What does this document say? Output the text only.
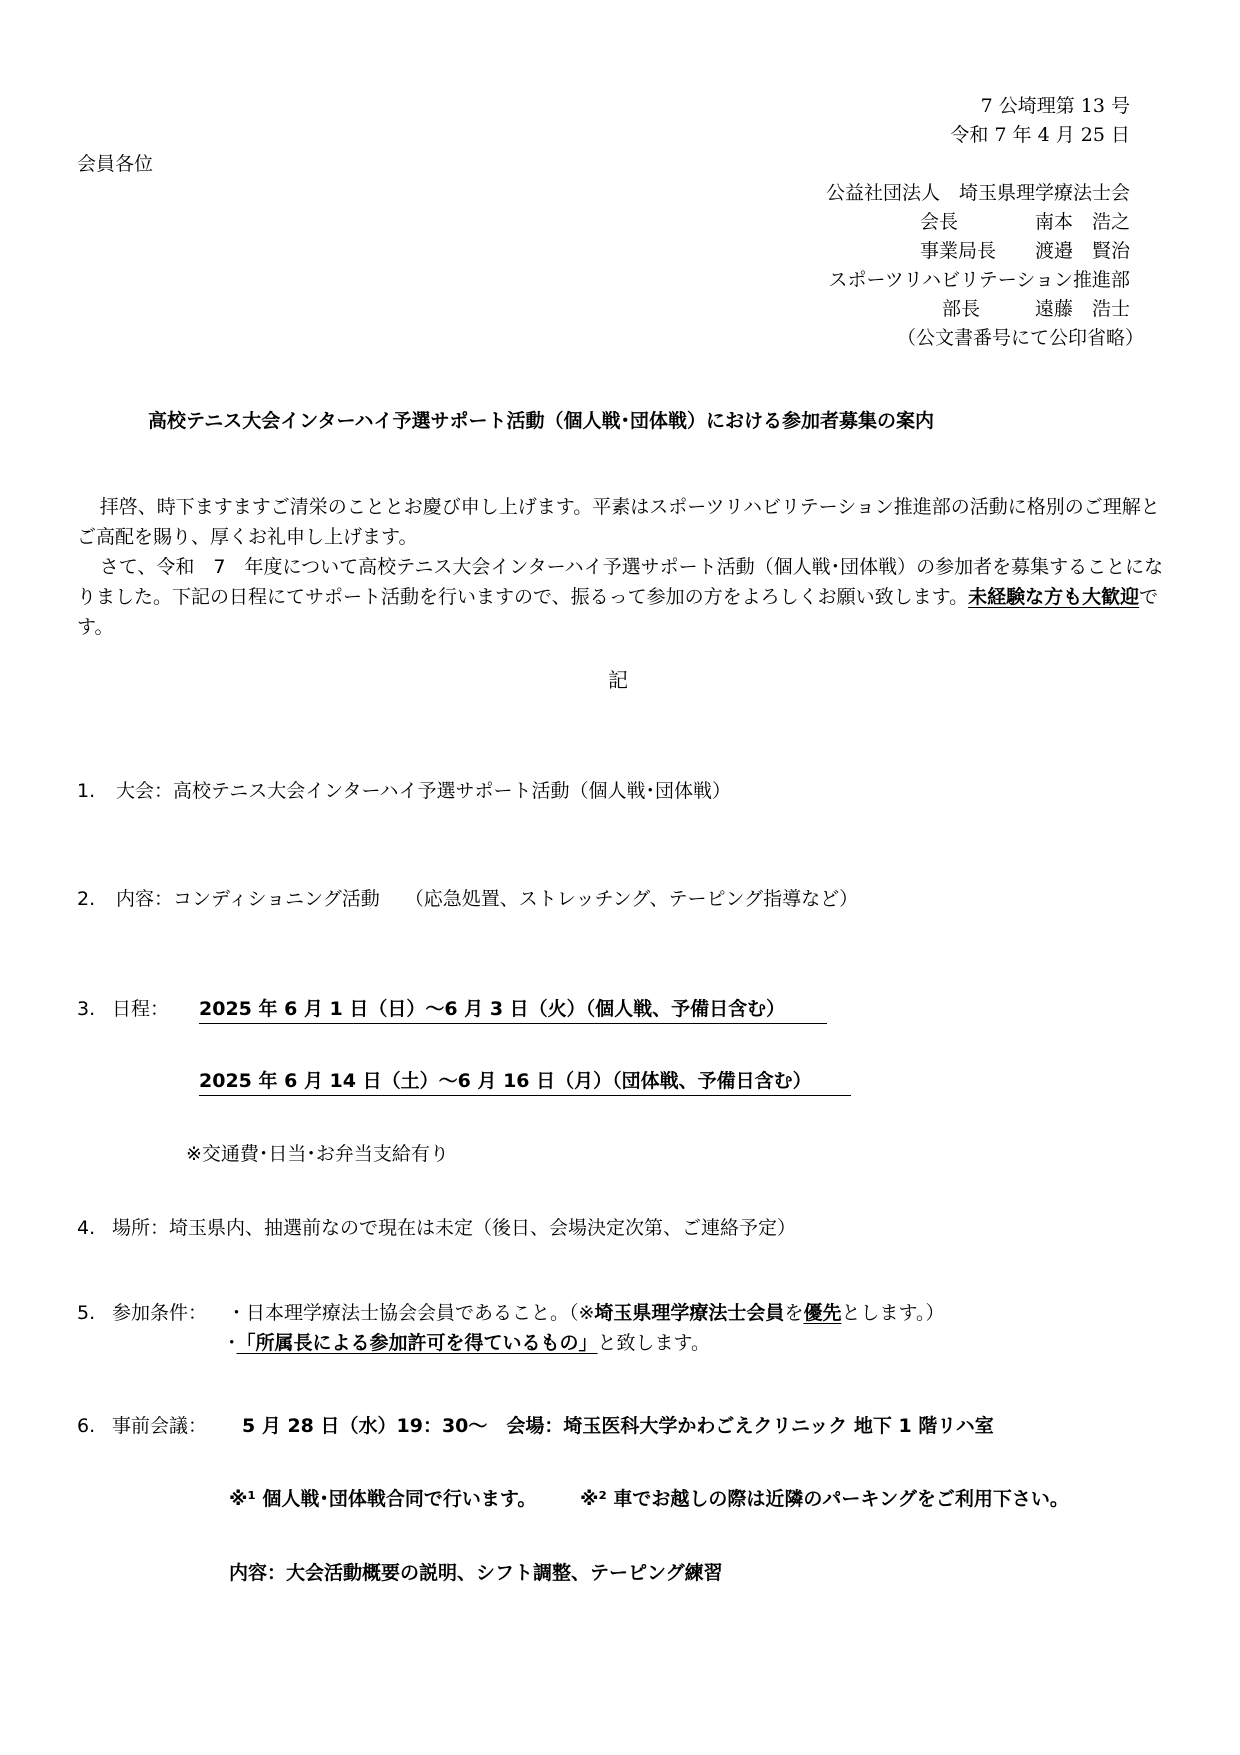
7 公埼理第 13 号
令和 7 年 4 月 25 日
会員各位
公益社団法人　埼玉県理学療法士会
会長	南本　浩之
事業局長 渡邉　賢治
スポーツリハビリテーション推進部
部長	遠藤　浩士
（公文書番号にて公印省略）
高校テニス大会インターハイ予選サポート活動（個人戦･団体戦）における参加者募集の案内

拝啓、時下ますますご清栄のこととお慶び申し上げます。平素はスポーツリハビリテーション推進部の活動に格別のご理解とご高配を賜り、厚くお礼申し上げます。

さて、令和　7　年度について高校テニス大会インターハイ予選サポート活動（個人戦･団体戦）の参加者を募集することになりました。下記の日程にてサポート活動を行いますので、振るって参加の方をよろしくお願い致します。未経験な方も大歓迎です。

記
1. 大会：高校テニス大会インターハイ予選サポート活動（個人戦･団体戦）
2. 内容：コンディショニング活動　 （応急処置、ストレッチング、テーピング指導など）
3. 日程： 2025 年 6 月 1 日（日）～6 月 3 日（火）（個人戦、予備日含む）
2025 年 6 月 14 日（土）～6 月 16 日（月）（団体戦、予備日含む）
※交通費･日当･お弁当支給有り
4. 場所：埼玉県内、抽選前なので現在は未定（後日、会場決定次第、ご連絡予定）
5. 参加条件： ・日本理学療法士協会会員であること。（※埼玉県理学療法士会員を優先とします。）
･「所属長による参加許可を得ているもの」と致します。
6. 事前会議： 5 月 28 日（水）19：30～　会場：埼玉医科大学かわごえクリニック 地下 1 階リハ室
※¹ 個人戦･団体戦合同で行います。 ※² 車でお越しの際は近隣のパーキングをご利用下さい。
内容：大会活動概要の説明、シフト調整、テーピング練習
